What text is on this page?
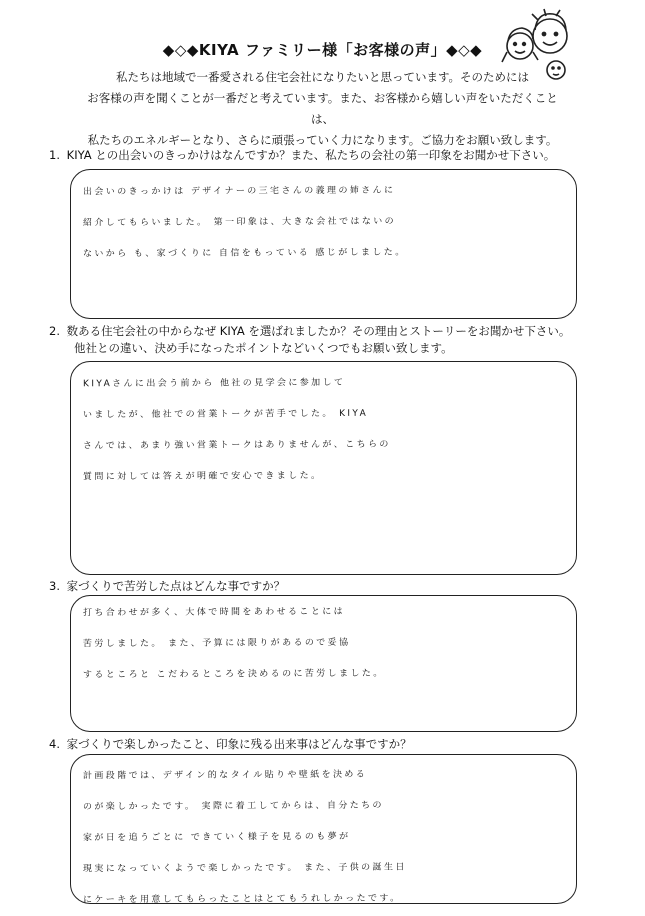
◆◇◆KIYA ファミリー様「お客様の声」◆◇◆
私たちは地域で一番愛される住宅会社になりたいと思っています。そのためには
お客様の声を聞くことが一番だと考えています。また、お客様から嬉しい声をいただくことは、
私たちのエネルギーとなり、さらに頑張っていく力になります。ご協力をお願い致します。
1. KIYA との出会いのきっかけはなんですか？また、私たちの会社の第一印象をお聞かせ下さい。
出会いのきっかけは デザイナーの三宅さんの義理の姉さんに
紹介してもらいました。 第一印象は、大きな会社ではないの
ないから も、家づくりに 自信をもっている 感じがしました。
2. 数ある住宅会社の中からなぜ KIYA を選ばれましたか？その理由とストーリーをお聞かせ下さい。
他社との違い、決め手になったポイントなどいくつでもお願い致します。
KIYAさんに出会う前から 他社の見学会に参加して
いましたが、他社での営業トークが苦手でした。 KIYA
さんでは、あまり強い営業トークはありませんが、こちらの
質問に対しては答えが明確で安心できました。
3. 家づくりで苦労した点はどんな事ですか？
打ち合わせが多く、大体で時間をあわせることには
苦労しました。 また、予算には限りがあるので妥協
するところと こだわるところを決めるのに苦労しました。
4. 家づくりで楽しかったこと、印象に残る出来事はどんな事ですか？
計画段階では、デザイン的なタイル貼りや壁紙を決める
のが楽しかったです。 実際に着工してからは、自分たちの
家が日を追うごとに できていく様子を見るのも夢が
現実になっていくようで楽しかったです。 また、子供の誕生日
にケーキを用意してもらったことはとてもうれしかったです。
